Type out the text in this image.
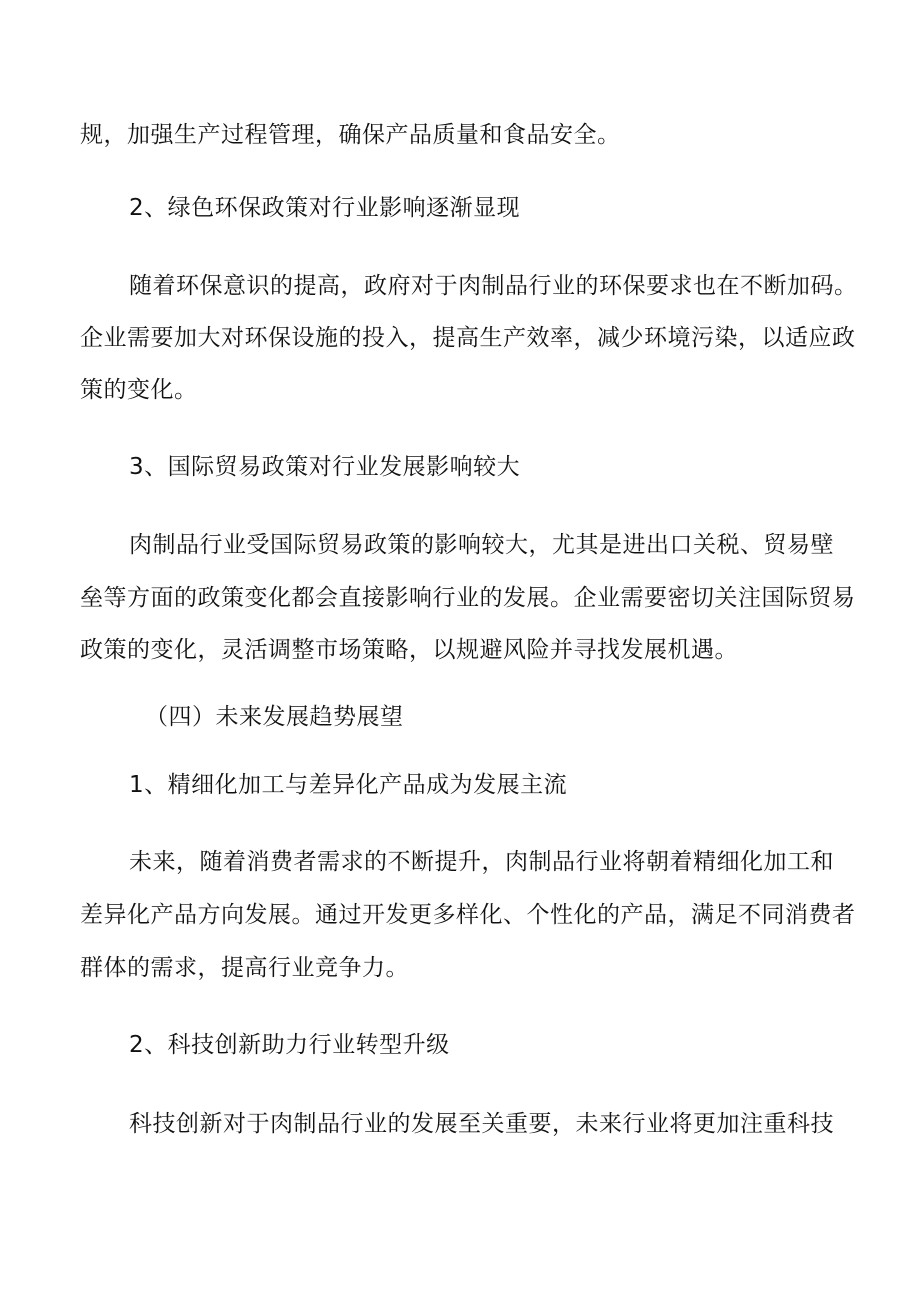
规，加强生产过程管理，确保产品质量和食品安全。
2、绿色环保政策对行业影响逐渐显现
随着环保意识的提高，政府对于肉制品行业的环保要求也在不断加码。
企业需要加大对环保设施的投入，提高生产效率，减少环境污染，以适应政
策的变化。
3、国际贸易政策对行业发展影响较大
肉制品行业受国际贸易政策的影响较大，尤其是进出口关税、贸易壁
垒等方面的政策变化都会直接影响行业的发展。企业需要密切关注国际贸易
政策的变化，灵活调整市场策略，以规避风险并寻找发展机遇。
（四）未来发展趋势展望
1、精细化加工与差异化产品成为发展主流
未来，随着消费者需求的不断提升，肉制品行业将朝着精细化加工和
差异化产品方向发展。通过开发更多样化、个性化的产品，满足不同消费者
群体的需求，提高行业竞争力。
2、科技创新助力行业转型升级
科技创新对于肉制品行业的发展至关重要，未来行业将更加注重科技
